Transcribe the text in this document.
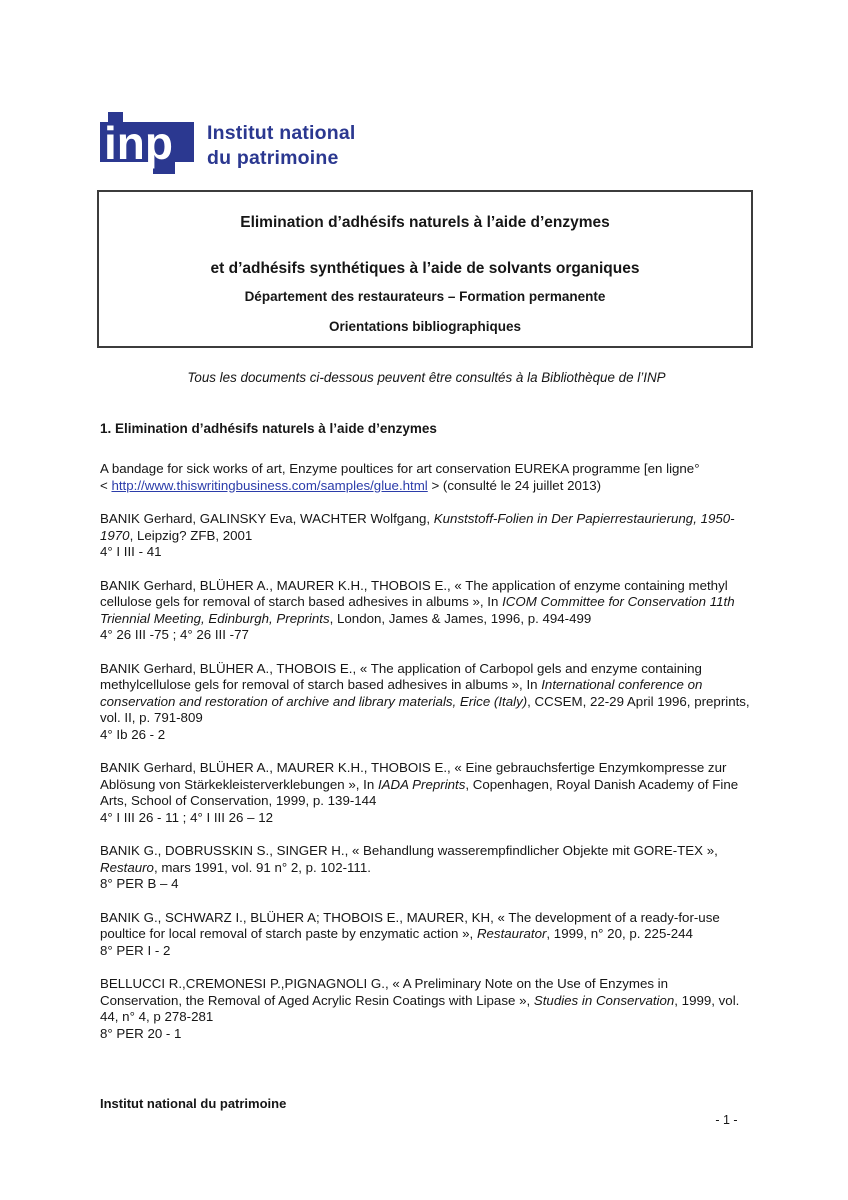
inp Institut national
du patrimoine
Elimination d’adhésifs naturels à l’aide d’enzymes
et d’adhésifs synthétiques à l’aide de solvants organiques
Département des restaurateurs – Formation permanente
Orientations bibliographiques
Tous les documents ci-dessous peuvent être consultés à la Bibliothèque de l’INP
1. Elimination d’adhésifs naturels à l’aide d’enzymes

A bandage for sick works of art, Enzyme poultices for art conservation EUREKA programme [en ligne°
< http://www.thiswritingbusiness.com/samples/glue.html > (consulté le 24 juillet 2013)

BANIK Gerhard, GALINSKY Eva, WACHTER Wolfgang, Kunststoff-Folien in Der Papierrestaurierung, 1950-1970, Leipzig? ZFB, 2001
4° I III - 41

BANIK Gerhard, BLÜHER A., MAURER K.H., THOBOIS E., « The application of enzyme containing methyl cellulose gels for removal of starch based adhesives in albums », In ICOM Committee for Conservation 11th Triennial Meeting, Edinburgh, Preprints, London, James & James, 1996, p. 494-499
4° 26 III -75 ; 4° 26 III -77

BANIK Gerhard, BLÜHER A., THOBOIS E., « The application of Carbopol gels and enzyme containing methylcellulose gels for removal of starch based adhesives in albums », In International conference on conservation and restoration of archive and library materials, Erice (Italy), CCSEM, 22-29 April 1996, preprints, vol. II, p. 791-809
4° Ib 26 - 2

BANIK Gerhard, BLÜHER A., MAURER K.H., THOBOIS E., « Eine gebrauchsfertige Enzymkompresse zur Ablösung von Stärkekleisterverklebungen », In IADA Preprints, Copenhagen, Royal Danish Academy of Fine Arts, School of Conservation, 1999, p. 139-144
4° I III 26 - 11 ; 4° I III 26 – 12

BANIK G., DOBRUSSKIN S., SINGER H., « Behandlung wasserempfindlicher Objekte mit GORE-TEX », Restauro, mars 1991, vol. 91 n° 2, p. 102-111.
8° PER B – 4

BANIK G., SCHWARZ I., BLÜHER A; THOBOIS E., MAURER, KH, « The development of a ready-for-use poultice for local removal of starch paste by enzymatic action », Restaurator, 1999, n° 20, p. 225-244
8° PER I - 2

BELLUCCI R.,CREMONESI P.,PIGNAGNOLI G., « A Preliminary Note on the Use of Enzymes in Conservation, the Removal of Aged Acrylic Resin Coatings with Lipase », Studies in Conservation, 1999, vol. 44, n° 4, p 278-281
8° PER 20 - 1

Institut national du patrimoine
- 1 -
